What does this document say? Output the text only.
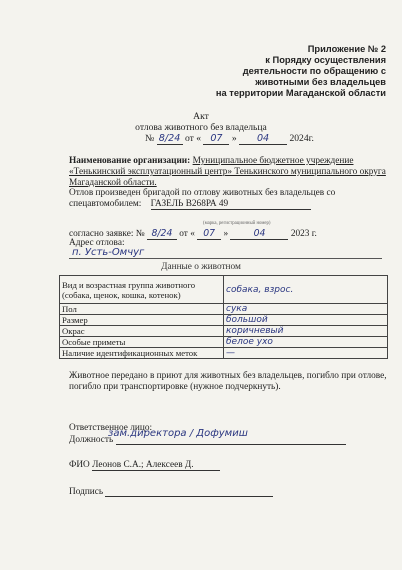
Приложение № 2
к Порядку осуществления
деятельности по обращению с
животными без владельцев
на территории Магаданской области
Акт
отлова животного без владельца
№ 8/24 от « 07 » 04 2024г.
Наименование организации: Муниципальное бюджетное учреждение «Тенькинский эксплуатационный центр» Тенькинского муниципального округа Магаданской области.
Отлов произведен бригадой по отлову животных без владельцев со
спецавтомобилем: ГАЗЕЛЬ В268РА 49
(марка, регистрационный номер)
согласно заявке: № 8/24 от « 07 »	04	2023 г.
Адрес отлова:
п. Усть-Омчуг
Данные о животном
Вид и возрастная группа животного (собака, щенок, кошка, котенок)	собака, взрос.
Пол	сука
Размер	большой
Окрас	коричневый
Особые приметы	белое ухо
Наличие идентификационных меток	—
Животное передано в приют для животных без владельцев, погибло при отлове, погибло при транспортировке (нужное подчеркнуть).
Ответственное лицо:
Должность
зам.директора / Дофумиш
ФИО Леонов С.А.; Алексеев Д.
Подпись
